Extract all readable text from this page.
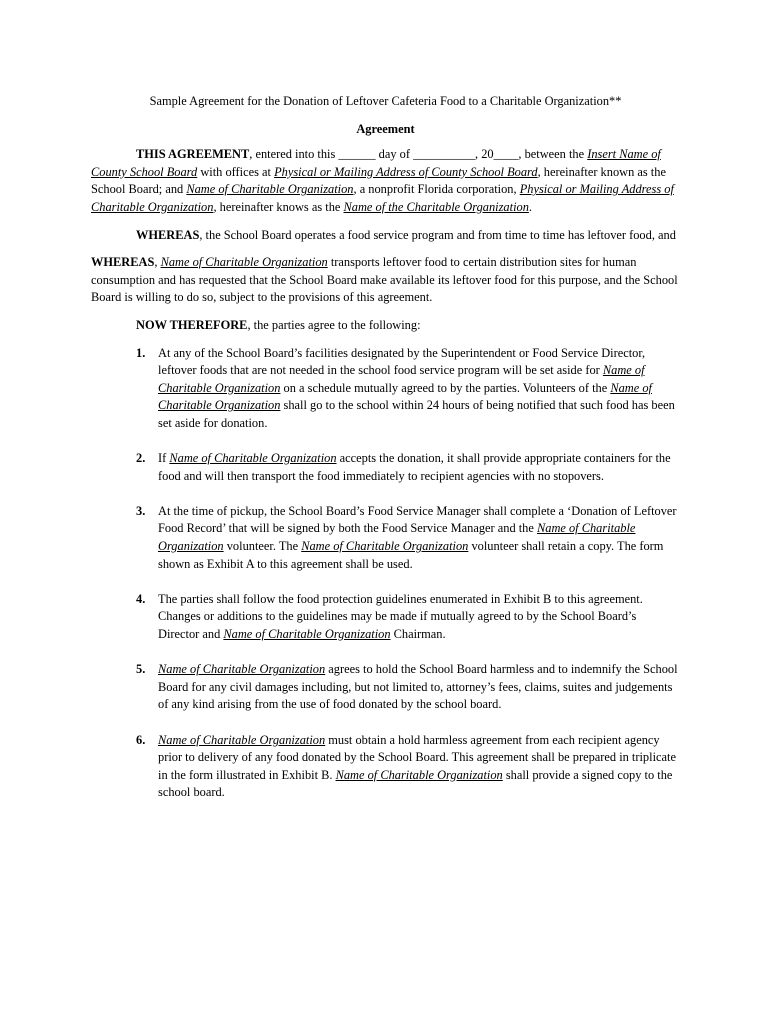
Sample Agreement for the Donation of Leftover Cafeteria Food to a Charitable Organization**
Agreement

THIS AGREEMENT, entered into this ______ day of __________, 20____, between the Insert Name of County School Board with offices at Physical or Mailing Address of County School Board, hereinafter known as the School Board; and Name of Charitable Organization, a nonprofit Florida corporation, Physical or Mailing Address of Charitable Organization, hereinafter knows as the Name of the Charitable Organization.

WHEREAS, the School Board operates a food service program and from time to time has leftover food, and

WHEREAS, Name of Charitable Organization transports leftover food to certain distribution sites for human consumption and has requested that the School Board make available its leftover food for this purpose, and the School Board is willing to do so, subject to the provisions of this agreement.

NOW THEREFORE, the parties agree to the following:

1. At any of the School Board’s facilities designated by the Superintendent or Food Service Director, leftover foods that are not needed in the school food service program will be set aside for Name of Charitable Organization on a schedule mutually agreed to by the parties. Volunteers of the Name of Charitable Organization shall go to the school within 24 hours of being notified that such food has been set aside for donation.
2. If Name of Charitable Organization accepts the donation, it shall provide appropriate containers for the food and will then transport the food immediately to recipient agencies with no stopovers.
3. At the time of pickup, the School Board’s Food Service Manager shall complete a ‘Donation of Leftover Food Record’ that will be signed by both the Food Service Manager and the Name of Charitable Organization volunteer. The Name of Charitable Organization volunteer shall retain a copy. The form shown as Exhibit A to this agreement shall be used.
4. The parties shall follow the food protection guidelines enumerated in Exhibit B to this agreement. Changes or additions to the guidelines may be made if mutually agreed to by the School Board’s Director and Name of Charitable Organization Chairman.
5. Name of Charitable Organization agrees to hold the School Board harmless and to indemnify the School Board for any civil damages including, but not limited to, attorney’s fees, claims, suites and judgements of any kind arising from the use of food donated by the school board.
6. Name of Charitable Organization must obtain a hold harmless agreement from each recipient agency prior to delivery of any food donated by the School Board. This agreement shall be prepared in triplicate in the form illustrated in Exhibit B. Name of Charitable Organization shall provide a signed copy to the school board.
